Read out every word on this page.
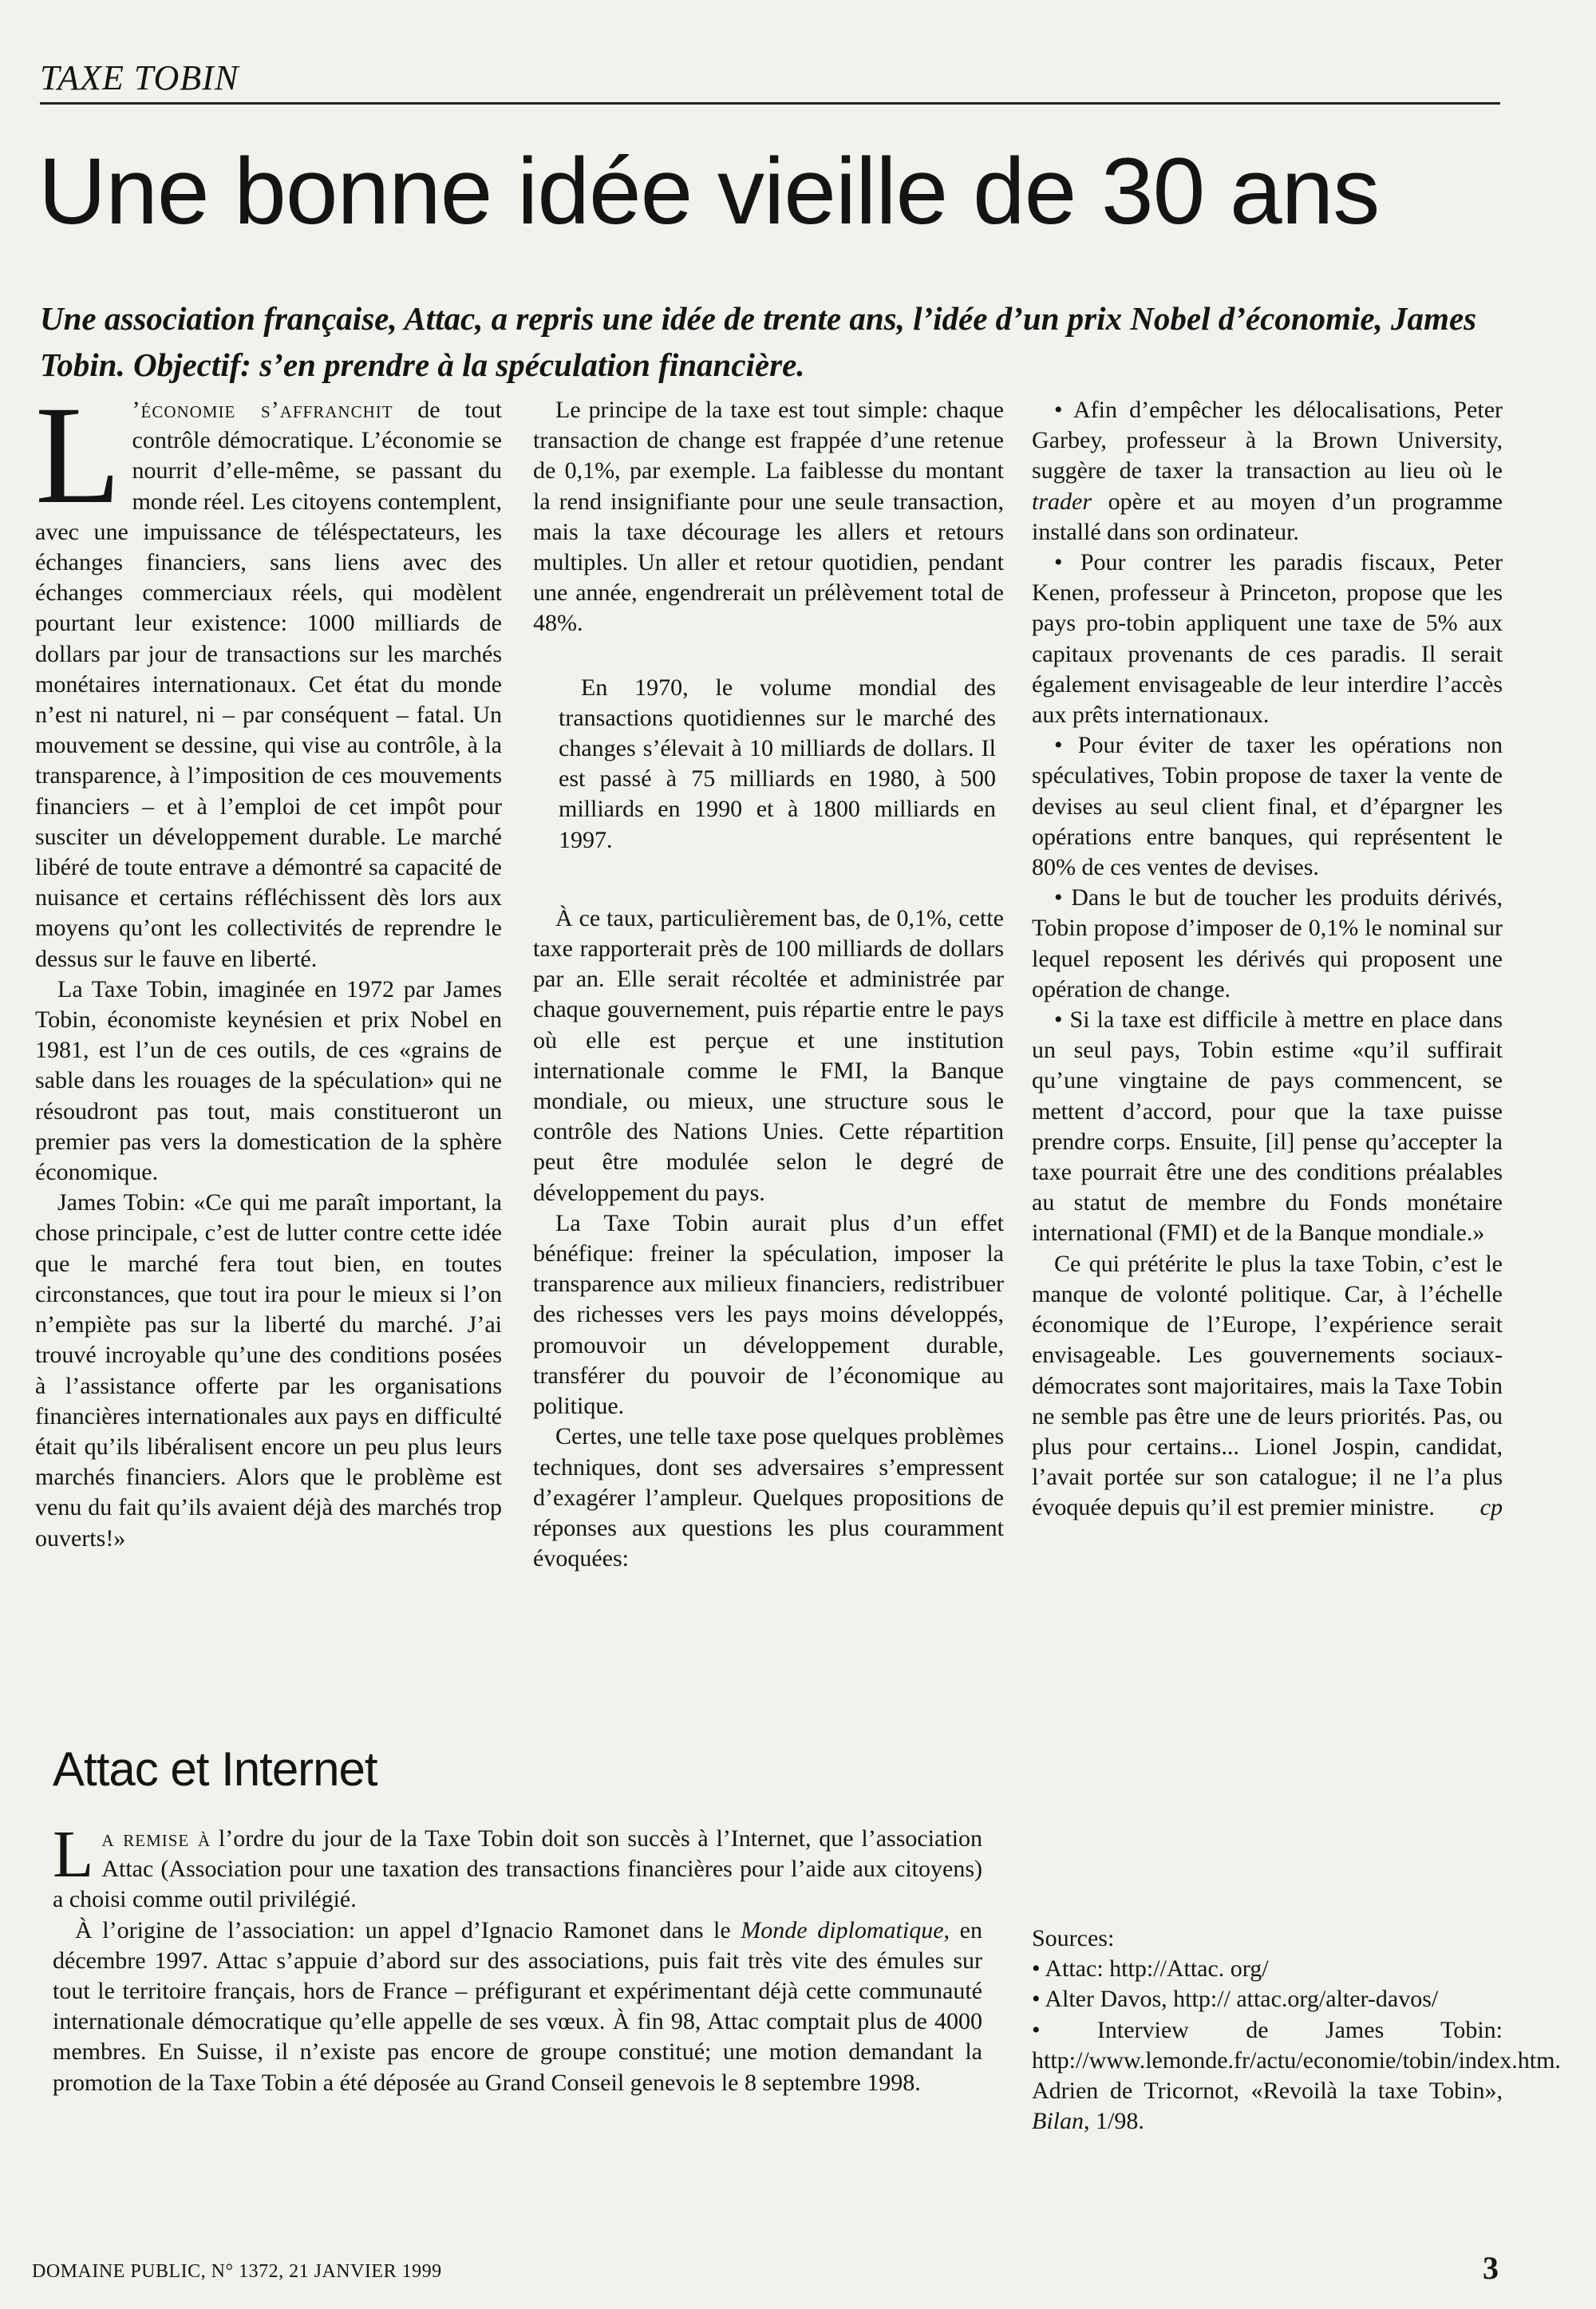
TAXE TOBIN
Une bonne idée vieille de 30 ans

Une association française, Attac, a repris une idée de trente ans, l’idée d’un prix Nobel d’économie, James Tobin. Objectif: s’en prendre à la spéculation financière.

L ’économie s’affranchit de tout contrôle démocratique. L’économie se nourrit d’elle-même, se passant du monde réel. Les citoyens contemplent, avec une impuissance de téléspectateurs, les échanges financiers, sans liens avec des échanges commerciaux réels, qui modèlent pourtant leur existence: 1000 milliards de dollars par jour de transactions sur les marchés monétaires internationaux. Cet état du monde n’est ni naturel, ni – par conséquent – fatal. Un mouvement se dessine, qui vise au contrôle, à la transparence, à l’imposition de ces mouvements financiers – et à l’emploi de cet impôt pour susciter un développement durable. Le marché libéré de toute entrave a démontré sa capacité de nuisance et certains réfléchissent dès lors aux moyens qu’ont les collectivités de reprendre le dessus sur le fauve en liberté.

La Taxe Tobin, imaginée en 1972 par James Tobin, économiste keynésien et prix Nobel en 1981, est l’un de ces outils, de ces «grains de sable dans les rouages de la spéculation» qui ne résoudront pas tout, mais constitueront un premier pas vers la domestication de la sphère économique.

James Tobin: «Ce qui me paraît important, la chose principale, c’est de lutter contre cette idée que le marché fera tout bien, en toutes circonstances, que tout ira pour le mieux si l’on n’empiète pas sur la liberté du marché. J’ai trouvé incroyable qu’une des conditions posées à l’assistance offerte par les organisations financières internationales aux pays en difficulté était qu’ils libéralisent encore un peu plus leurs marchés financiers. Alors que le problème est venu du fait qu’ils avaient déjà des marchés trop ouverts!»

Le principe de la taxe est tout simple: chaque transaction de change est frappée d’une retenue de 0,1%, par exemple. La faiblesse du montant la rend insignifiante pour une seule transaction, mais la taxe décourage les allers et retours multiples. Un aller et retour quotidien, pendant une année, engendrerait un prélèvement total de 48%.

En 1970, le volume mondial des transactions quotidiennes sur le marché des changes s’élevait à 10 milliards de dollars. Il est passé à 75 milliards en 1980, à 500 milliards en 1990 et à 1800 milliards en 1997.

À ce taux, particulièrement bas, de 0,1%, cette taxe rapporterait près de 100 milliards de dollars par an. Elle serait récoltée et administrée par chaque gouvernement, puis répartie entre le pays où elle est perçue et une institution internationale comme le FMI, la Banque mondiale, ou mieux, une structure sous le contrôle des Nations Unies. Cette répartition peut être modulée selon le degré de développement du pays.

La Taxe Tobin aurait plus d’un effet bénéfique: freiner la spéculation, imposer la transparence aux milieux financiers, redistribuer des richesses vers les pays moins développés, promouvoir un développement durable, transférer du pouvoir de l’économique au politique.

Certes, une telle taxe pose quelques problèmes techniques, dont ses adversaires s’empressent d’exagérer l’ampleur. Quelques propositions de réponses aux questions les plus couramment évoquées:

• Afin d’empêcher les délocalisations, Peter Garbey, professeur à la Brown University, suggère de taxer la transaction au lieu où le trader opère et au moyen d’un programme installé dans son ordinateur.

• Pour contrer les paradis fiscaux, Peter Kenen, professeur à Princeton, propose que les pays pro-tobin appliquent une taxe de 5% aux capitaux provenants de ces paradis. Il serait également envisageable de leur interdire l’accès aux prêts internationaux.

• Pour éviter de taxer les opérations non spéculatives, Tobin propose de taxer la vente de devises au seul client final, et d’épargner les opérations entre banques, qui représentent le 80% de ces ventes de devises.

• Dans le but de toucher les produits dérivés, Tobin propose d’imposer de 0,1% le nominal sur lequel reposent les dérivés qui proposent une opération de change.

• Si la taxe est difficile à mettre en place dans un seul pays, Tobin estime «qu’il suffirait qu’une vingtaine de pays commencent, se mettent d’accord, pour que la taxe puisse prendre corps. Ensuite, [il] pense qu’accepter la taxe pourrait être une des conditions préalables au statut de membre du Fonds monétaire international (FMI) et de la Banque mondiale.»

Ce qui prétérite le plus la taxe Tobin, c’est le manque de volonté politique. Car, à l’échelle économique de l’Europe, l’expérience serait envisageable. Les gouvernements sociaux-démocrates sont majoritaires, mais la Taxe Tobin ne semble pas être une de leurs priorités. Pas, ou plus pour certains... Lionel Jospin, candidat, l’avait portée sur son catalogue; il ne l’a plus évoquée depuis qu’il est premier ministre.	cp

Attac et Internet

La remise à l’ordre du jour de la Taxe Tobin doit son succès à l’Internet, que l’association Attac (Association pour une taxation des transactions financières pour l’aide aux citoyens) a choisi comme outil privilégié.

À l’origine de l’association: un appel d’Ignacio Ramonet dans le Monde diplomatique, en décembre 1997. Attac s’appuie d’abord sur des associations, puis fait très vite des émules sur tout le territoire français, hors de France – préfigurant et expérimentant déjà cette communauté internationale démocratique qu’elle appelle de ses vœux. À fin 98, Attac comptait plus de 4000 membres. En Suisse, il n’existe pas encore de groupe constitué; une motion demandant la promotion de la Taxe Tobin a été déposée au Grand Conseil genevois le 8 septembre 1998.

Sources:

• Attac: http://Attac. org/

• Alter Davos, http:// attac.org/alter-davos/

• Interview de James Tobin: http://www.lemonde.fr/actu/economie/tobin/index.htm.

Adrien de Tricornot, «Revoilà la taxe Tobin», Bilan, 1/98.

DOMAINE PUBLIC, N° 1372, 21 JANVIER 1999	3
